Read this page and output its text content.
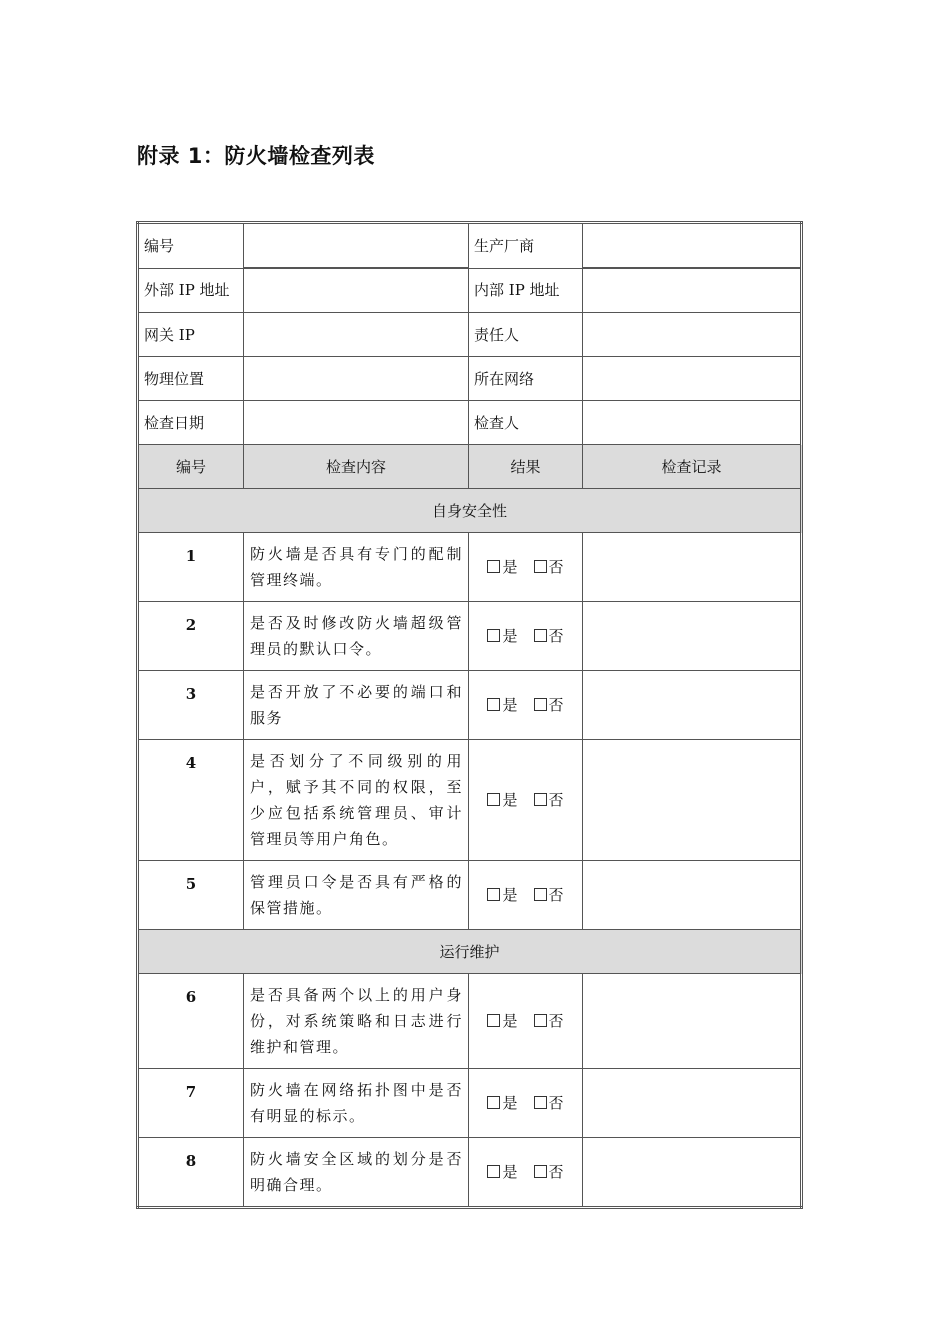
附录 1：防火墙检查列表
编号		生产厂商	
外部 IP 地址		内部 IP 地址	
网关 IP		责任人	
物理位置		所在网络	
检查日期		检查人	
编号	检查内容	结果	检查记录
自身安全性			
1	防火墙是否具有专门的配制管理终端。	是 否	
2	是否及时修改防火墙超级管理员的默认口令。	是 否	
3	是否开放了不必要的端口和服务	是 否	
4	是否划分了不同级别的用户，赋予其不同的权限，至少应包括系统管理员、审计管理员等用户角色。	是 否	
5	管理员口令是否具有严格的保管措施。	是 否	
运行维护			
6	是否具备两个以上的用户身份，对系统策略和日志进行维护和管理。	是 否	
7	防火墙在网络拓扑图中是否有明显的标示。	是 否	
8	防火墙安全区域的划分是否明确合理。	是 否	
